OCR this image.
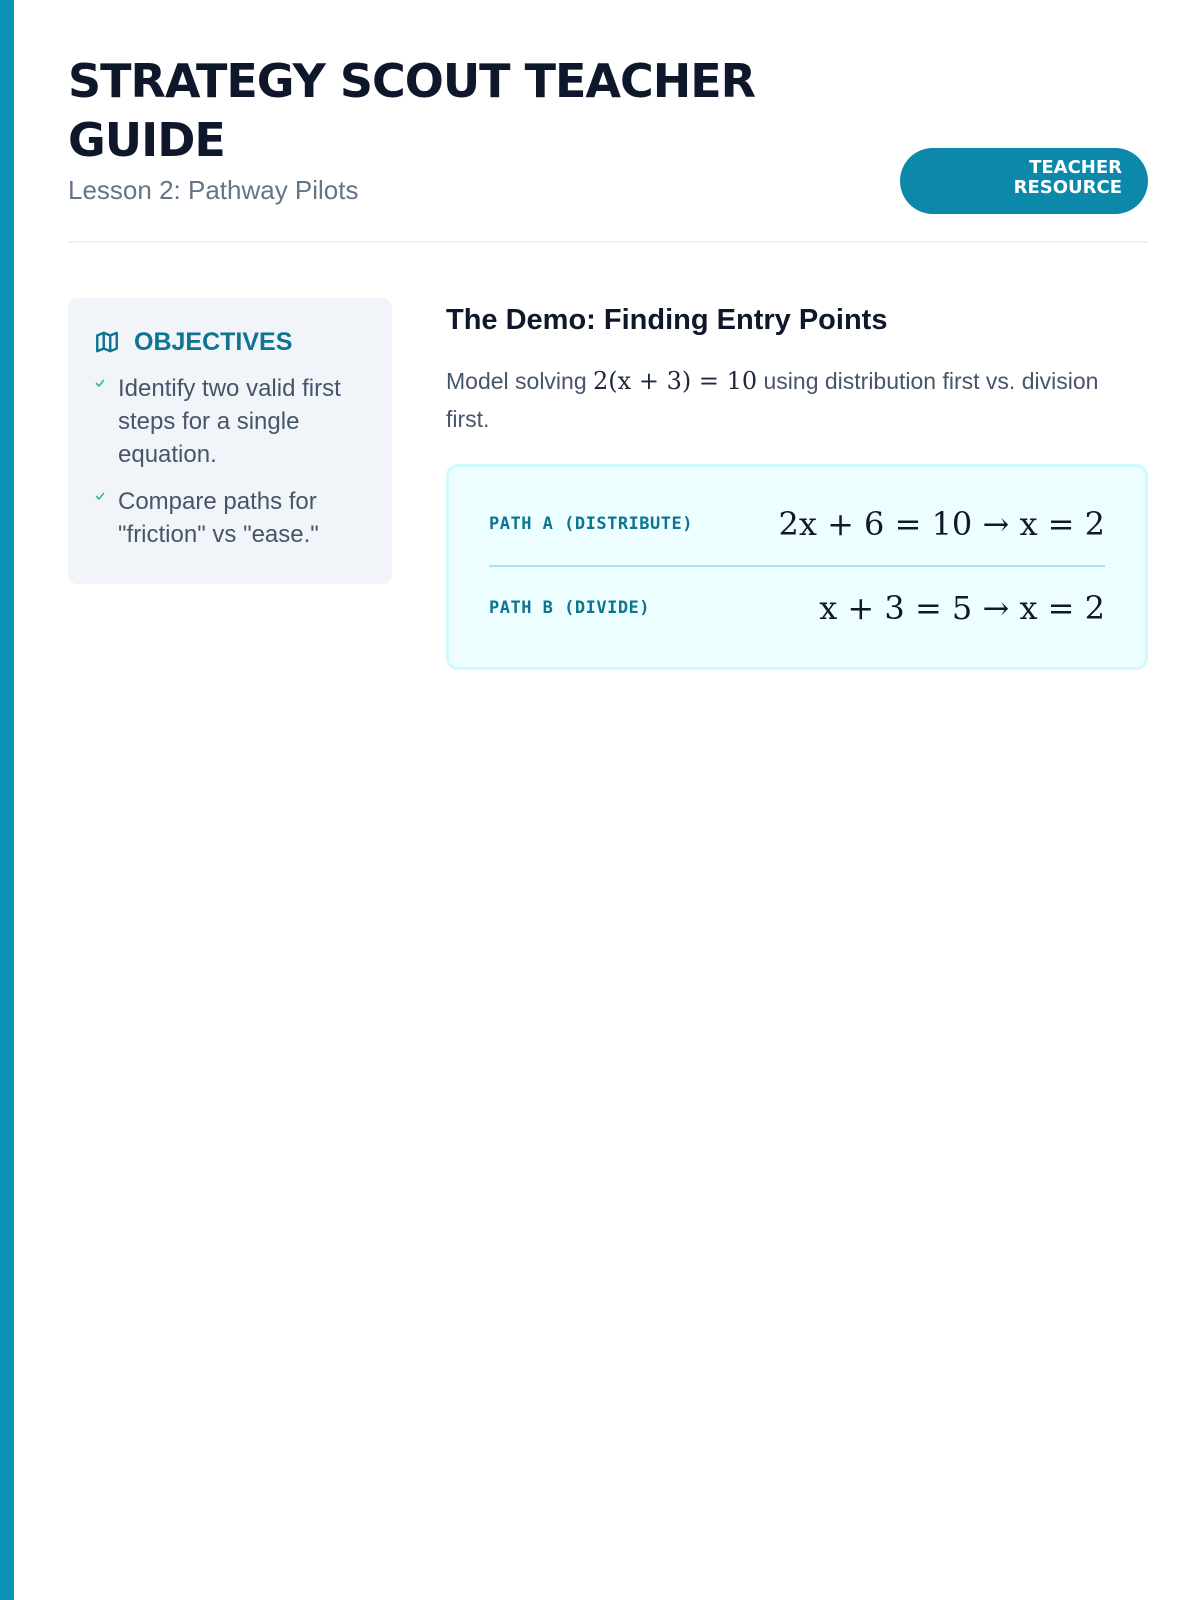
STRATEGY SCOUT TEACHER GUIDE
Lesson 2: Pathway Pilots
TEACHER
RESOURCE
OBJECTIVES
Identify two valid first steps for a single equation.
Compare paths for "friction" vs "ease."
The Demo: Finding Entry Points

Model solving 2(x + 3) = 10 using distribution first vs. division first.

PATH A (DISTRIBUTE)	2x + 6 = 10 → x = 2
PATH B (DIVIDE)	x + 3 = 5 → x = 2
